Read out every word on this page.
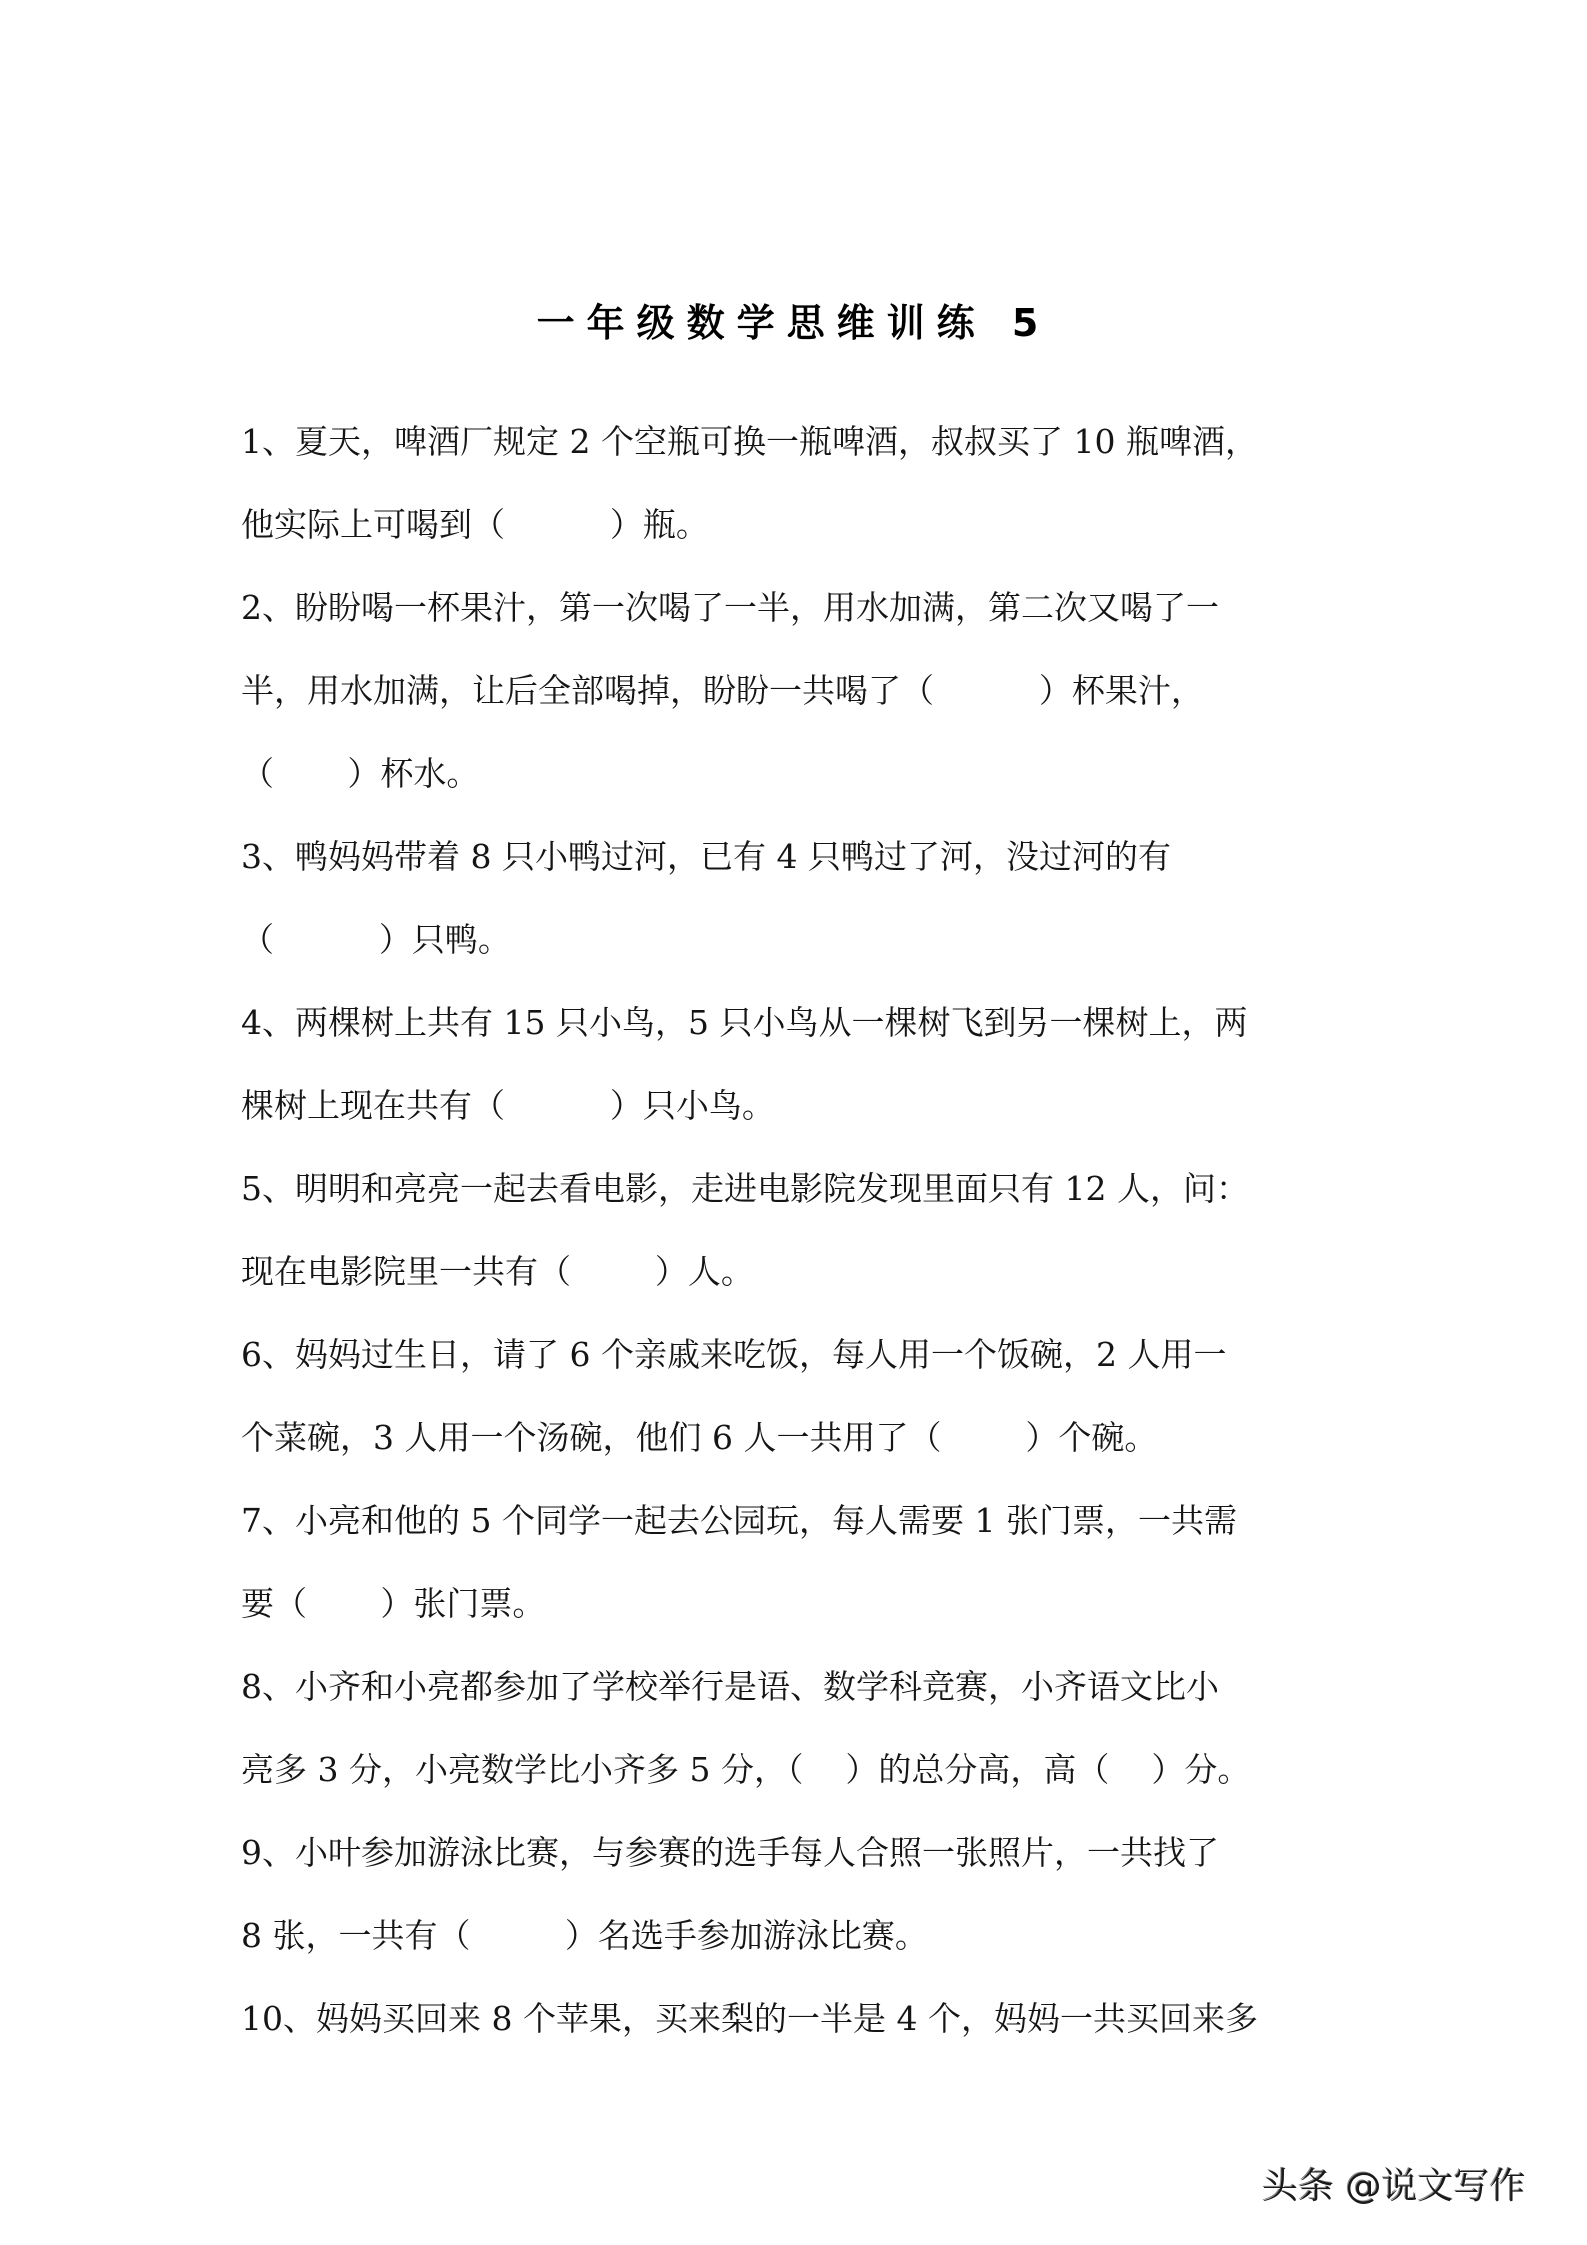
一年级数学思维训练 5
1、夏天，啤酒厂规定 2 个空瓶可换一瓶啤酒，叔叔买了 10 瓶啤酒，
他实际上可喝到（          ）瓶。
2、盼盼喝一杯果汁，第一次喝了一半，用水加满，第二次又喝了一
半，用水加满，让后全部喝掉，盼盼一共喝了（          ）杯果汁，
（       ）杯水。
3、鸭妈妈带着 8 只小鸭过河，已有 4 只鸭过了河，没过河的有
（          ）只鸭。
4、两棵树上共有 15 只小鸟，5 只小鸟从一棵树飞到另一棵树上，两
棵树上现在共有（          ）只小鸟。
5、明明和亮亮一起去看电影，走进电影院发现里面只有 12 人，问：
现在电影院里一共有（        ）人。
6、妈妈过生日，请了 6 个亲戚来吃饭，每人用一个饭碗，2 人用一
个菜碗，3 人用一个汤碗，他们 6 人一共用了（        ）个碗。
7、小亮和他的 5 个同学一起去公园玩，每人需要 1 张门票，一共需
要（       ）张门票。
8、小齐和小亮都参加了学校举行是语、数学科竞赛，小齐语文比小
亮多 3 分，小亮数学比小齐多 5 分，（    ）的总分高，高（    ）分。
9、小叶参加游泳比赛，与参赛的选手每人合照一张照片，一共找了
8 张，一共有（         ）名选手参加游泳比赛。
10、妈妈买回来 8 个苹果，买来梨的一半是 4 个，妈妈一共买回来多
头条 @说文写作
